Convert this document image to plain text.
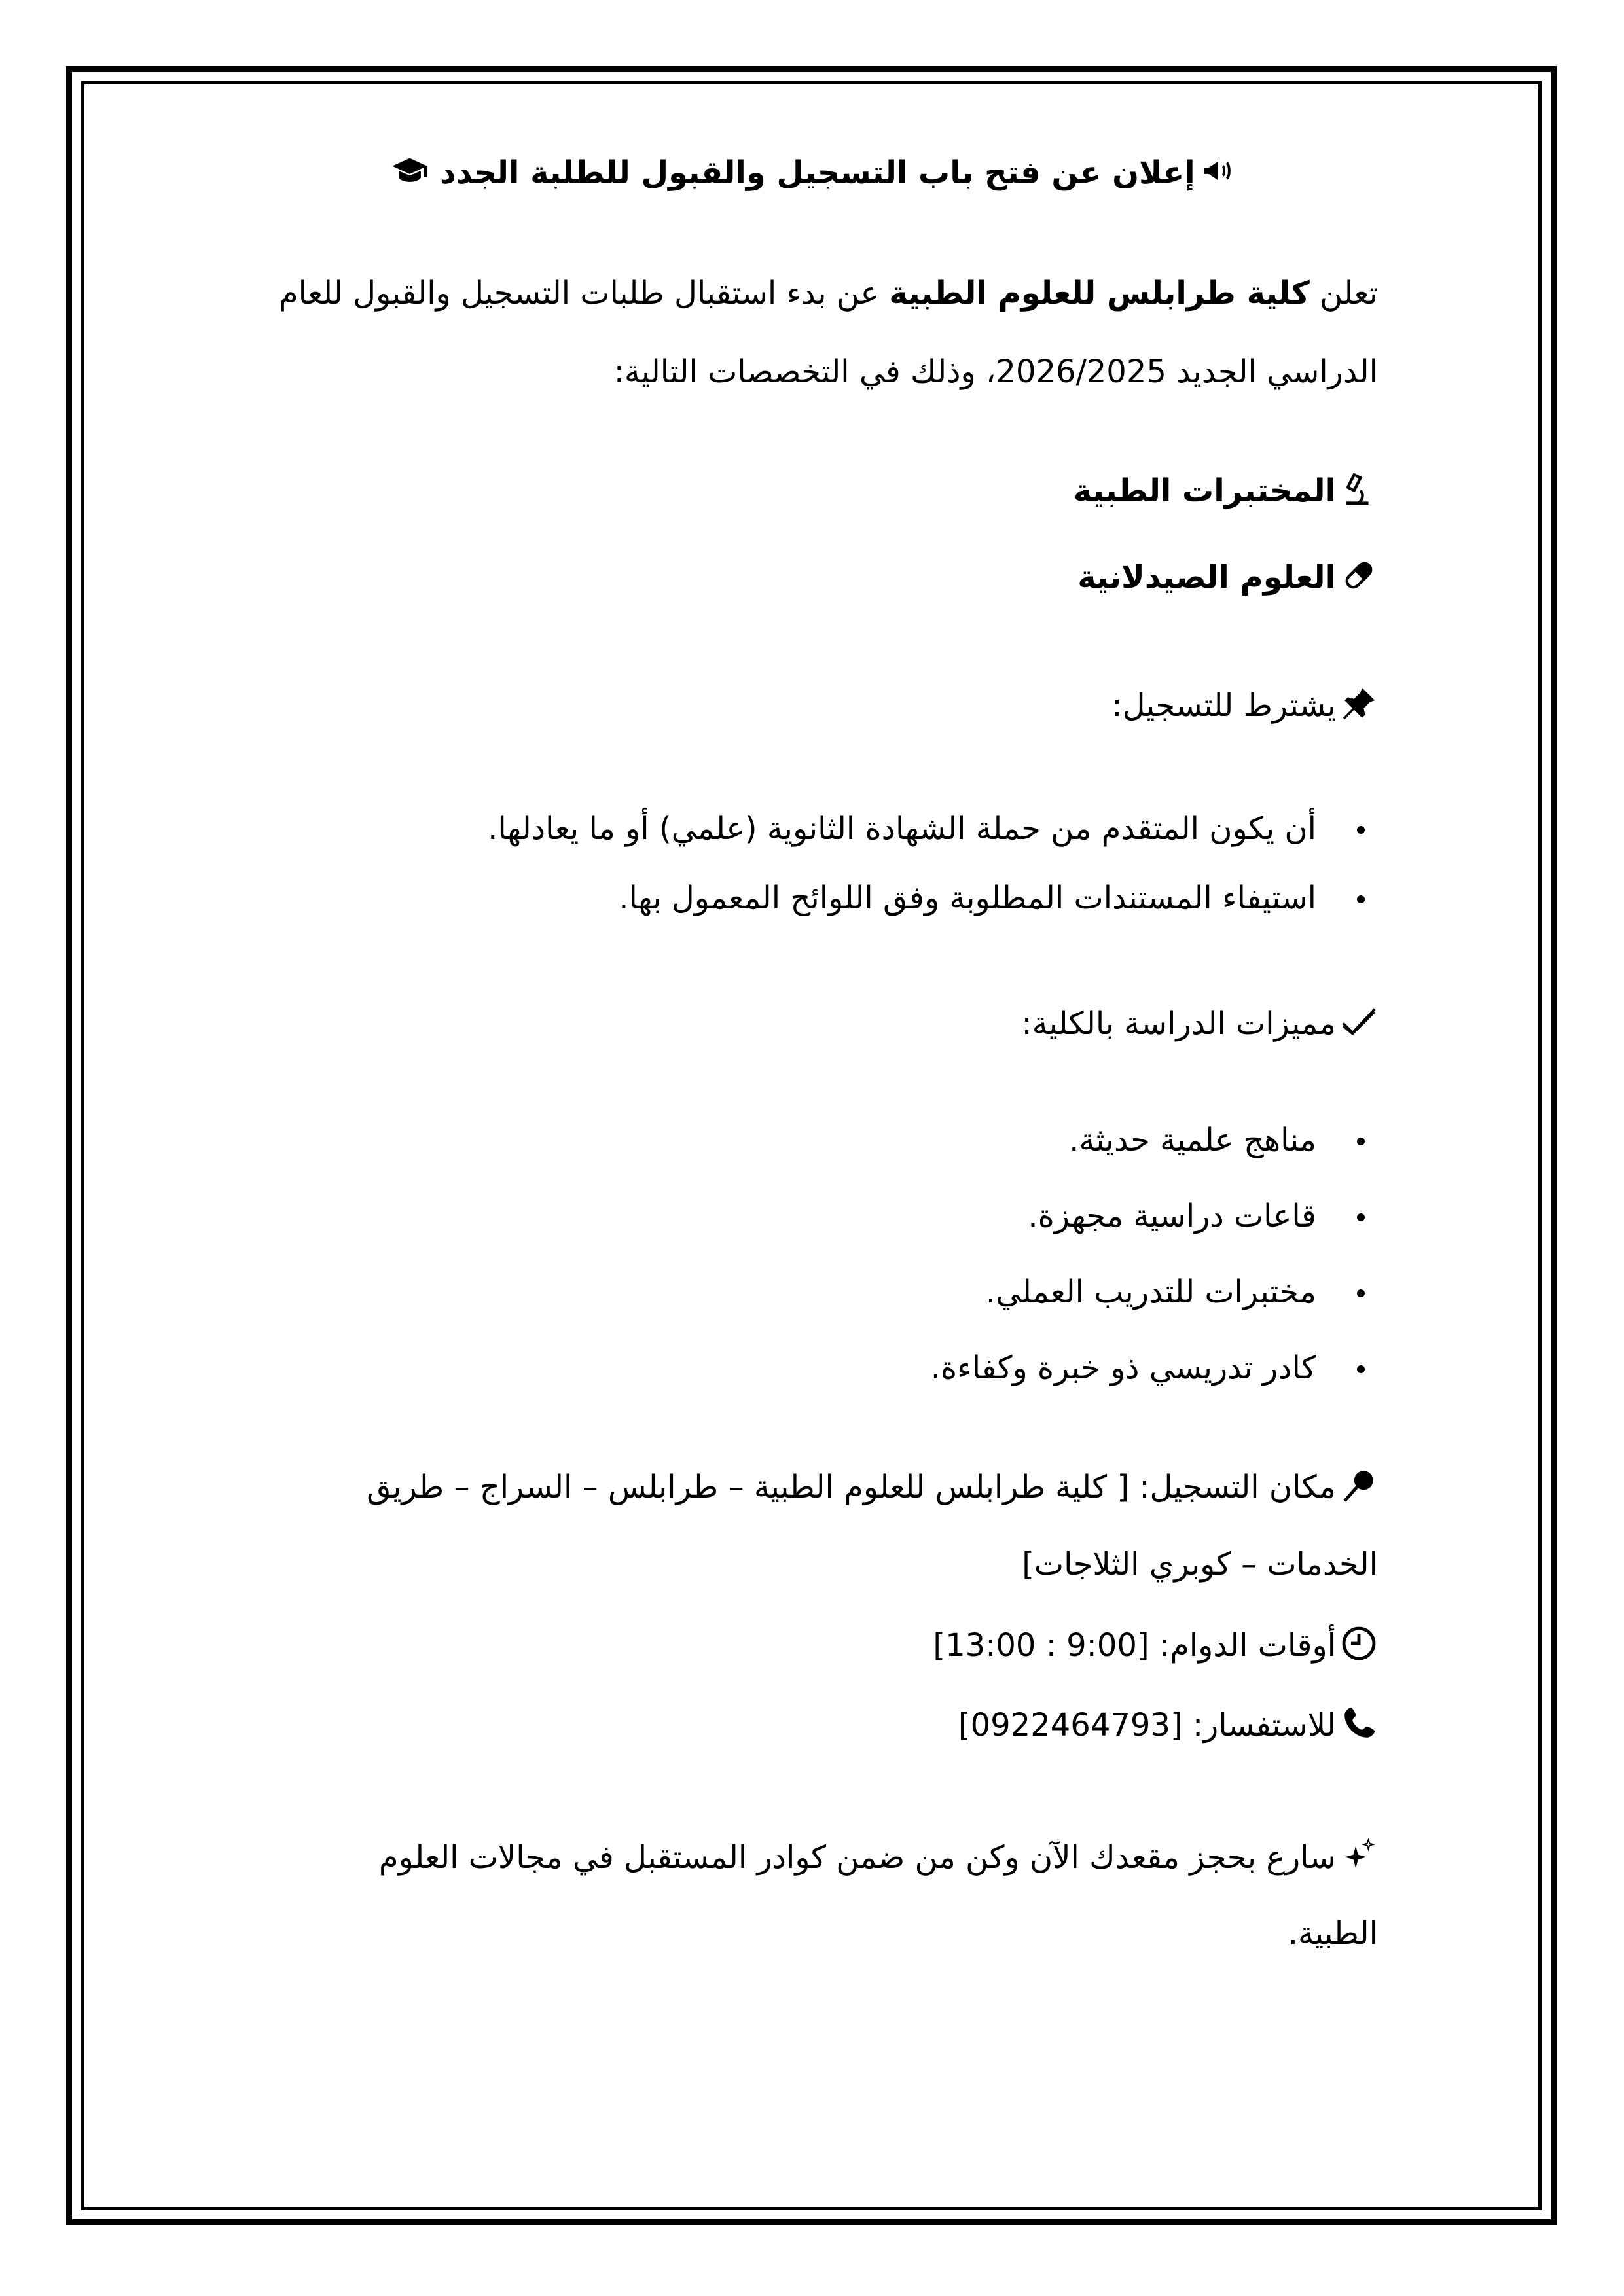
إعلان عن فتح باب التسجيل والقبول للطلبة الجدد
تعلن كلية طرابلس للعلوم الطبية عن بدء استقبال طلبات التسجيل والقبول للعام
الدراسي الجديد 2026/2025، وذلك في التخصصات التالية:
المختبرات الطبية
العلوم الصيدلانية
يشترط للتسجيل:
أن يكون المتقدم من حملة الشهادة الثانوية (علمي) أو ما يعادلها.
استيفاء المستندات المطلوبة وفق اللوائح المعمول بها.
مميزات الدراسة بالكلية:
مناهج علمية حديثة.
قاعات دراسية مجهزة.
مختبرات للتدريب العملي.
كادر تدريسي ذو خبرة وكفاءة.
مكان التسجيل: [ كلية طرابلس للعلوم الطبية – طرابلس – السراج – طريق
الخدمات – كوبري الثلاجات]
أوقات الدوام: [9:00 : 13:00]
للاستفسار: [0922464793]
سارع بحجز مقعدك الآن وكن من ضمن كوادر المستقبل في مجالات العلوم
الطبية.
